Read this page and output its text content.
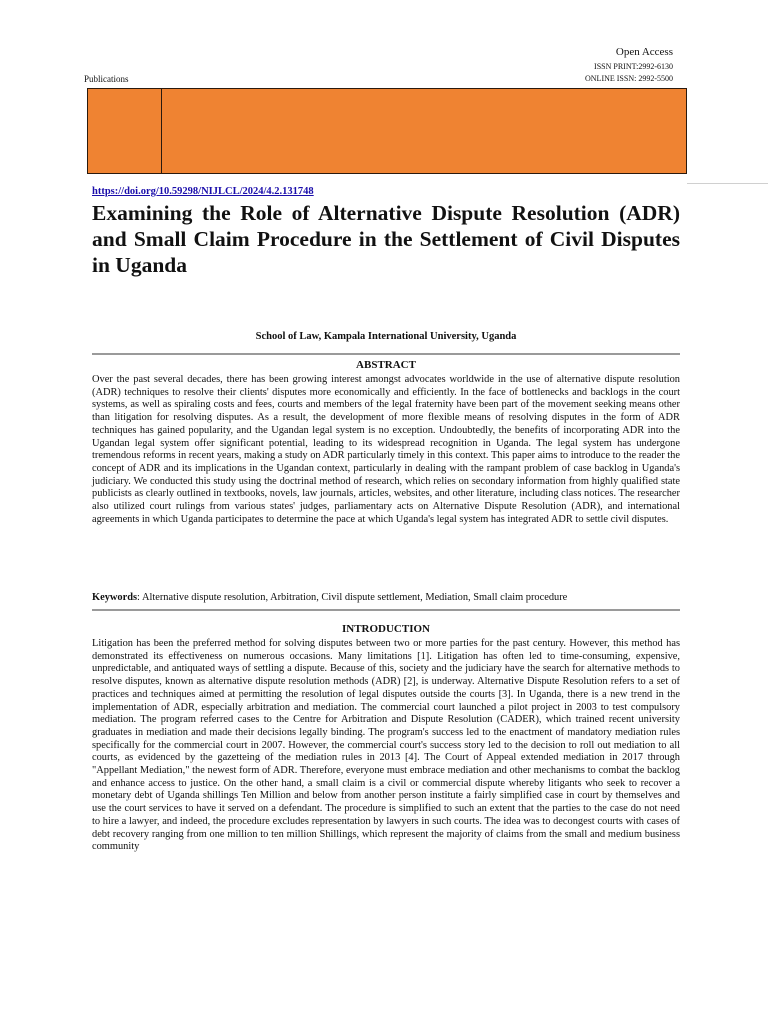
Open Access
ISSN PRINT:2992-6130
ONLINE ISSN: 2992-5500
Publications
https://doi.org/10.59298/NIJLCL/2024/4.2.131748
Examining the Role of Alternative Dispute Resolution (ADR) and Small Claim Procedure in the Settlement of Civil Disputes in Uganda
School of Law, Kampala International University, Uganda
ABSTRACT

Over the past several decades, there has been growing interest amongst advocates worldwide in the use of alternative dispute resolution (ADR) techniques to resolve their clients' disputes more economically and efficiently. In the face of bottlenecks and backlogs in the court systems, as well as spiraling costs and fees, courts and members of the legal fraternity have been part of the movement seeking means other than litigation for resolving disputes. As a result, the development of more flexible means of resolving disputes in the form of ADR techniques has gained popularity, and the Ugandan legal system is no exception. Undoubtedly, the benefits of incorporating ADR into the Ugandan legal system offer significant potential, leading to its widespread recognition in Uganda. The legal system has undergone tremendous reforms in recent years, making a study on ADR particularly timely in this context. This paper aims to introduce to the reader the concept of ADR and its implications in the Ugandan context, particularly in dealing with the rampant problem of case backlog in Uganda's judiciary. We conducted this study using the doctrinal method of research, which relies on secondary information from highly qualified state publicists as clearly outlined in textbooks, novels, law journals, articles, websites, and other literature, including class notices. The researcher also utilized court rulings from various states' judges, parliamentary acts on Alternative Dispute Resolution (ADR), and international agreements in which Uganda participates to determine the pace at which Uganda's legal system has integrated ADR to settle civil disputes.

Keywords: Alternative dispute resolution, Arbitration, Civil dispute settlement, Mediation, Small claim procedure
INTRODUCTION

Litigation has been the preferred method for solving disputes between two or more parties for the past century. However, this method has demonstrated its effectiveness on numerous occasions. Many limitations [1]. Litigation has often led to time-consuming, expensive, unpredictable, and antiquated ways of settling a dispute. Because of this, society and the judiciary have the search for alternative methods to resolve disputes, known as alternative dispute resolution methods (ADR) [2], is underway. Alternative Dispute Resolution refers to a set of practices and techniques aimed at permitting the resolution of legal disputes outside the courts [3]. In Uganda, there is a new trend in the implementation of ADR, especially arbitration and mediation. The commercial court launched a pilot project in 2003 to test compulsory mediation. The program referred cases to the Centre for Arbitration and Dispute Resolution (CADER), which trained recent university graduates in mediation and made their decisions legally binding. The program's success led to the enactment of mandatory mediation rules specifically for the commercial court in 2007. However, the commercial court's success story led to the decision to roll out mediation to all courts, as evidenced by the gazetteing of the mediation rules in 2013 [4]. The Court of Appeal extended mediation in 2017 through "Appellant Mediation," the newest form of ADR. Therefore, everyone must embrace mediation and other mechanisms to combat the backlog and enhance access to justice. On the other hand, a small claim is a civil or commercial dispute whereby litigants who seek to recover a monetary debt of Uganda shillings Ten Million and below from another person institute a fairly simplified case in court by themselves and use the court services to have it served on a defendant. The procedure is simplified to such an extent that the parties to the case do not need to hire a lawyer, and indeed, the procedure excludes representation by lawyers in such courts. The idea was to decongest courts with cases of debt recovery ranging from one million to ten million Shillings, which represent the majority of claims from the small and medium business community
